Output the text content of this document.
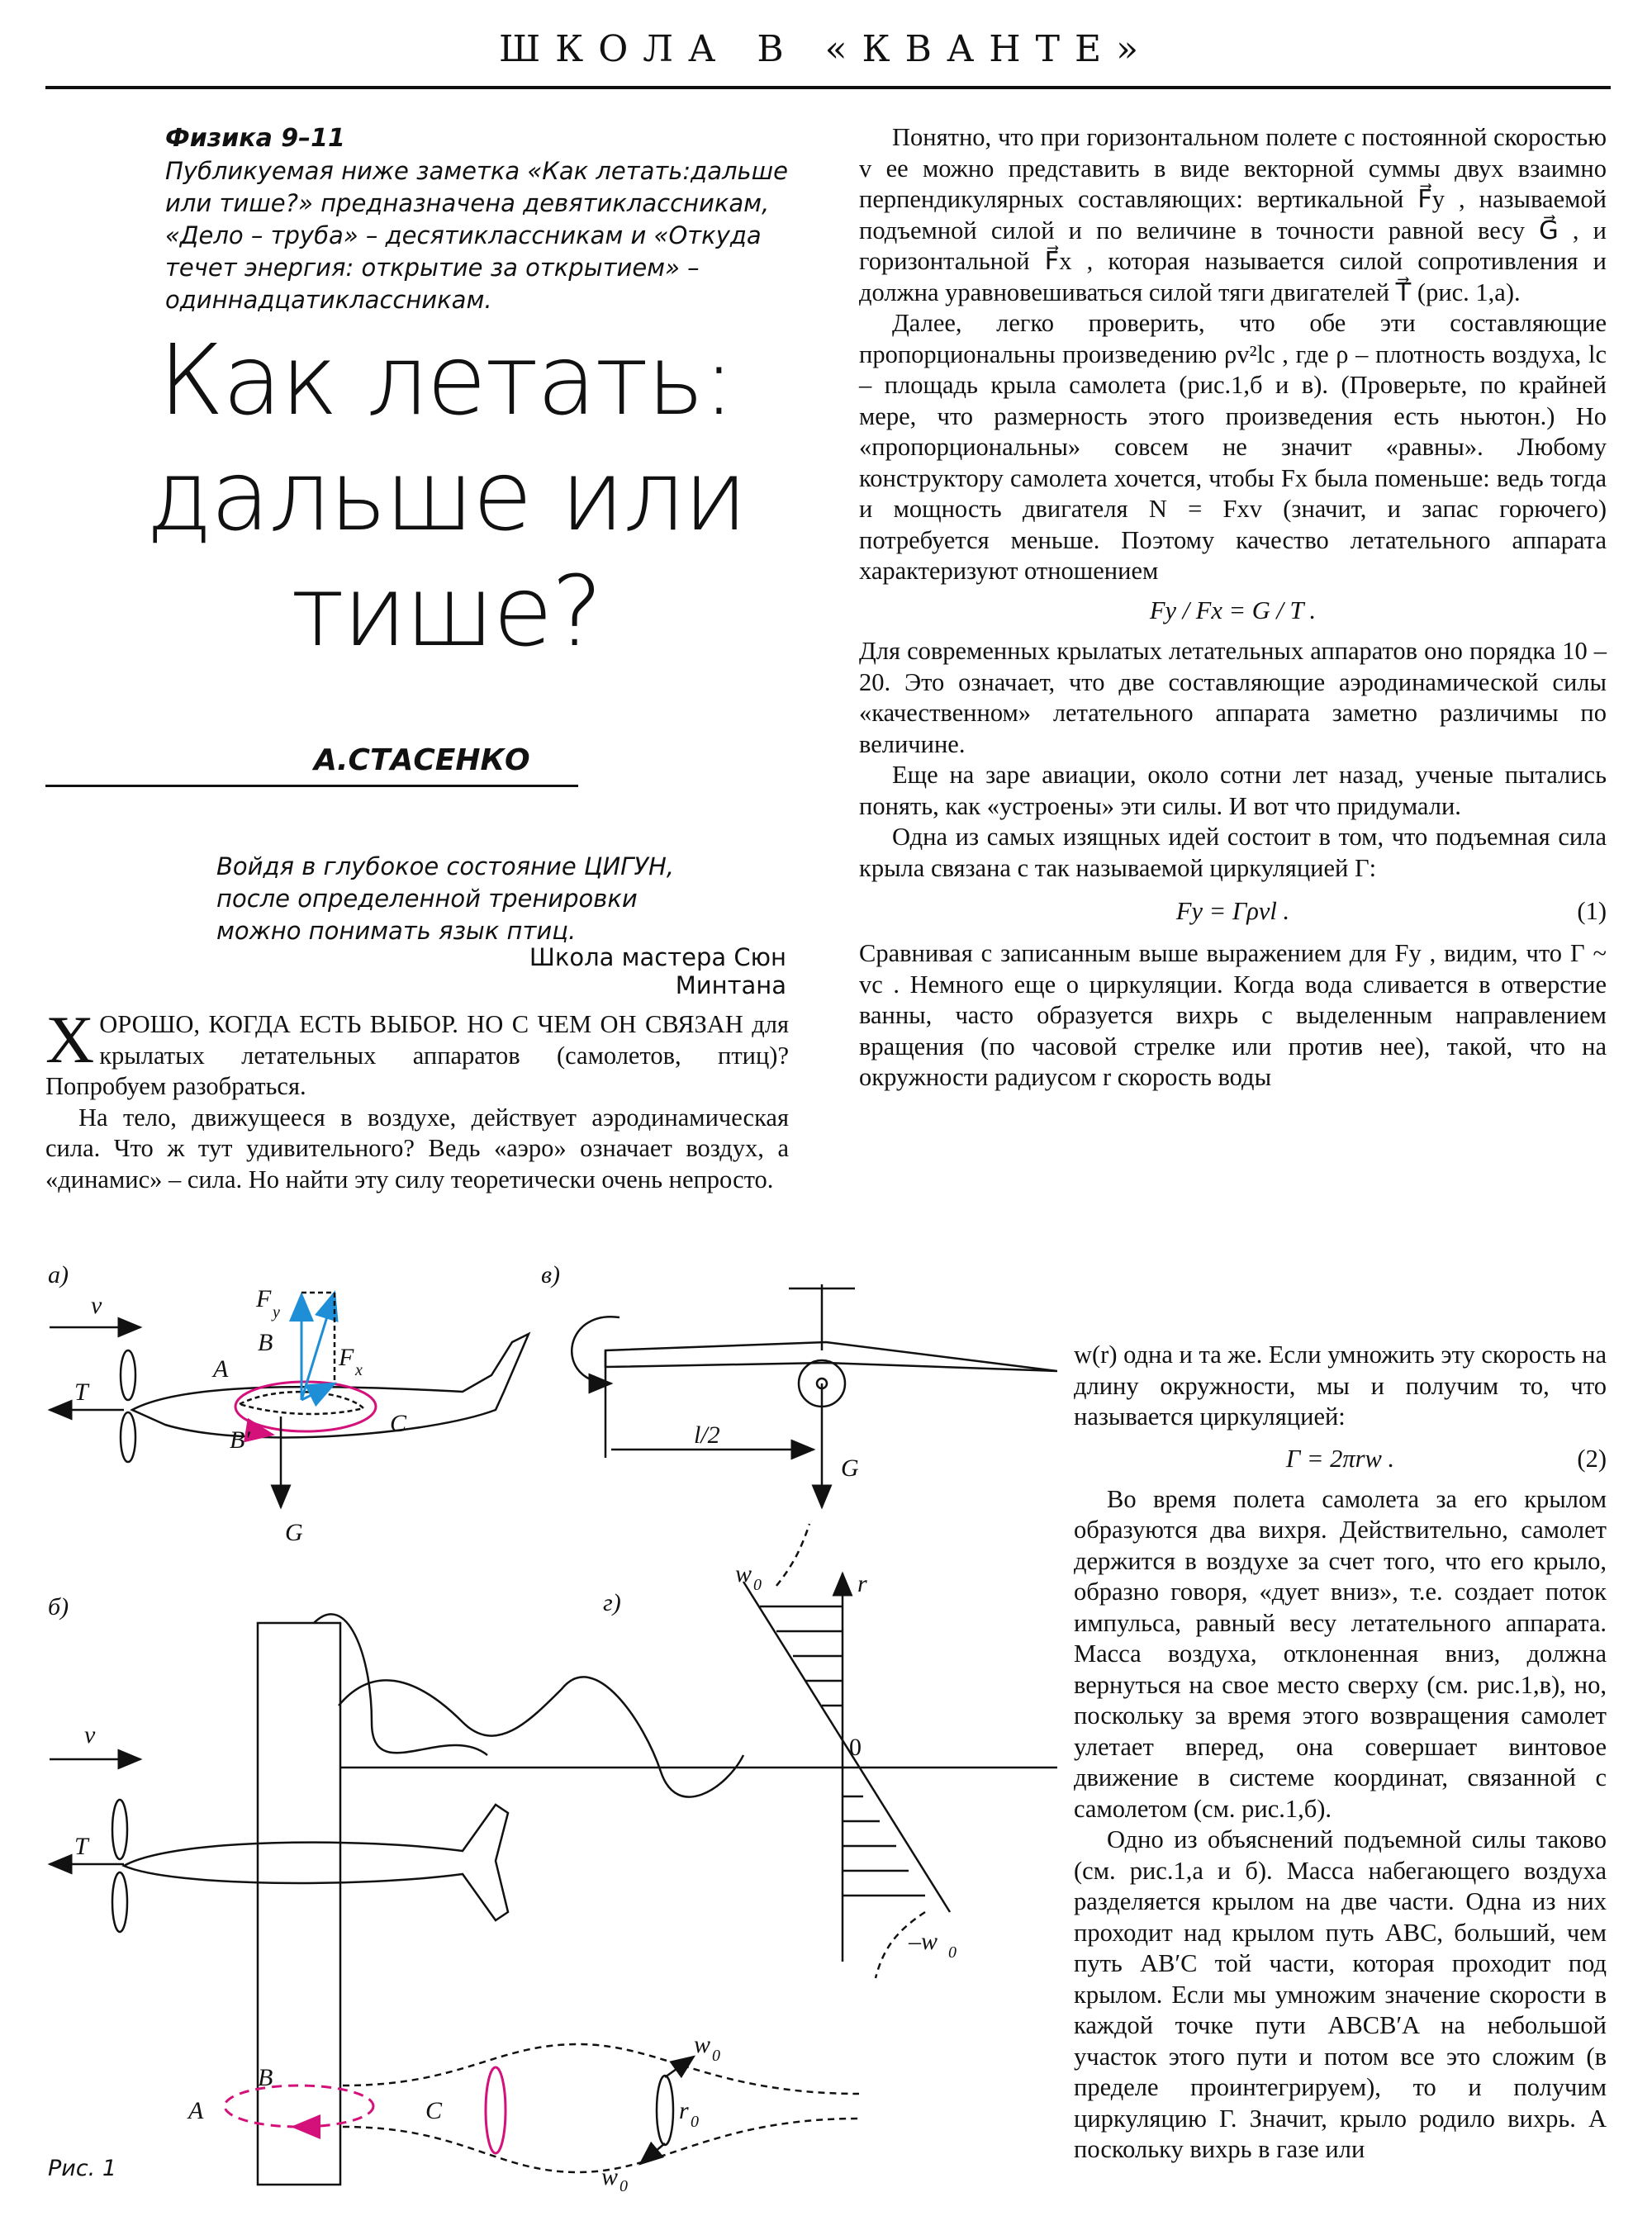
ШКОЛА В «КВАНТЕ»
Физика 9–11
Публикуемая ниже заметка «Как летать:дальше или тише?» предназначена девятиклассникам, «Дело – труба» – десятиклассникам и «Откуда течет энергия: открытие за открытием» – одиннадцатиклассникам.
Как летать:
дальше или
тише?
А.СТАСЕНКО
Войдя в глубокое состояние ЦИГУН,
после определенной тренировки
можно понимать язык птиц.
Школа мастера Сюн Минтана

ХОРОШО, КОГДА ЕСТЬ ВЫБОР. НО С ЧЕМ ОН СВЯЗАН для крылатых летательных аппаратов (самолетов, птиц)? Попробуем разобраться.

На тело, движущееся в воздухе, действует аэродинамическая сила. Что ж тут удивительного? Ведь «аэро» означает воздух, а «динамис» – сила. Но найти эту силу теоретически очень непросто.

Понятно, что при горизонтальном полете с постоянной скоростью v ее можно представить в виде векторной суммы двух взаимно перпендикулярных составляющих: вертикальной F⃗y , называемой подъемной силой и по величине в точности равной весу G⃗ , и горизонтальной F⃗x , которая называется силой сопротивления и должна уравновешиваться силой тяги двигателей T⃗ (рис. 1,а).

Далее, легко проверить, что обе эти составляющие пропорциональны произведению ρv²lc , где ρ – плотность воздуха, lc – площадь крыла самолета (рис.1,б и в). (Проверьте, по крайней мере, что размерность этого произведения есть ньютон.) Но «пропорциональны» совсем не значит «равны». Любому конструктору самолета хочется, чтобы Fx была поменьше: ведь тогда и мощность двигателя N = Fxv (значит, и запас горючего) потребуется меньше. Поэтому качество летательного аппарата характеризуют отношением

Fy / Fx = G / T .

Для современных крылатых летательных аппаратов оно порядка 10 – 20. Это означает, что две составляющие аэродинамической силы «качественном» летательного аппарата заметно различимы по величине.

Еще на заре авиации, около сотни лет назад, ученые пытались понять, как «устроены» эти силы. И вот что придумали.

Одна из самых изящных идей состоит в том, что подъемная сила крыла связана с так называемой циркуляцией Γ:

Fy = Γρvl .	(1)

Сравнивая с записанным выше выражением для Fy , видим, что Γ ~ vc . Немного еще о циркуляции. Когда вода сливается в отверстие ванны, часто образуется вихрь с выделенным направлением вращения (по часовой стрелке или против нее), такой, что на окружности радиусом r скорость воды

w(r) одна и та же. Если умножить эту скорость на длину окружности, мы и получим то, что называется циркуляцией:

Γ = 2πrw .	(2)

Во время полета самолета за его крылом образуются два вихря. Действительно, самолет держится в воздухе за счет того, что его крыло, образно говоря, «дует вниз», т.е. создает поток импульса, равный весу летательного аппарата. Масса воздуха, отклоненная вниз, должна вернуться на свое место сверху (см. рис.1,в), но, поскольку за время этого возвращения самолет улетает вперед, она совершает винтовое движение в системе координат, связанной с самолетом (см. рис.1,б).

Одно из объяснений подъемной силы таково (см. рис.1,а и б). Масса набегающего воздуха разделяется крылом на две части. Одна из них проходит над крылом путь ABC, больший, чем путь AB′C той части, которая проходит под крылом. Если мы умножим значение скорости в каждой точке пути ABCB′A на небольшой участок этого пути и потом все это сложим (в пределе проинтегрируем), то и получим циркуляцию Γ. Значит, крыло родило вихрь. А поскольку вихрь в газе или

а)
v
T
F y
F x
B
A
B′
C
G
в)
l/2
G
б)
v
T
B
A	C
w 0
r 0
w 0
г)
w 0	r
0
–w 0
Рис. 1
